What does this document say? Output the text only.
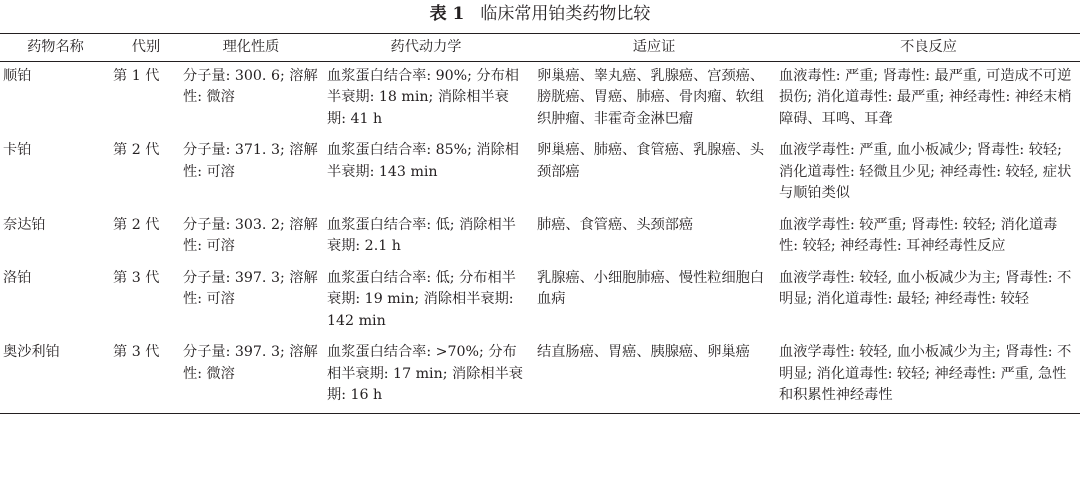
表 1 临床常用铂类药物比较
药物名称	代别	理化性质	药代动力学	适应证	不良反应
顺铂	第 1 代	分子量: 300. 6; 溶解性: 微溶	血浆蛋白结合率: 90%; 分布相半衰期: 18 min; 消除相半衰期: 41 h	卵巢癌、睾丸癌、乳腺癌、宫颈癌、膀胱癌、胃癌、肺癌、骨肉瘤、软组织肿瘤、非霍奇金淋巴瘤	血液毒性: 严重; 肾毒性: 最严重, 可造成不可逆损伤; 消化道毒性: 最严重; 神经毒性: 神经末梢障碍、耳鸣、耳聋
卡铂	第 2 代	分子量: 371. 3; 溶解性: 可溶	血浆蛋白结合率: 85%; 消除相半衰期: 143 min	卵巢癌、肺癌、食管癌、乳腺癌、头颈部癌	血液学毒性: 严重, 血小板减少; 肾毒性: 较轻; 消化道毒性: 轻微且少见; 神经毒性: 较轻, 症状与顺铂类似
奈达铂	第 2 代	分子量: 303. 2; 溶解性: 可溶	血浆蛋白结合率: 低; 消除相半衰期: 2.1 h	肺癌、食管癌、头颈部癌	血液学毒性: 较严重; 肾毒性: 较轻; 消化道毒性: 较轻; 神经毒性: 耳神经毒性反应
洛铂	第 3 代	分子量: 397. 3; 溶解性: 可溶	血浆蛋白结合率: 低; 分布相半衰期: 19 min; 消除相半衰期: 142 min	乳腺癌、小细胞肺癌、慢性粒细胞白血病	血液学毒性: 较轻, 血小板减少为主; 肾毒性: 不明显; 消化道毒性: 最轻; 神经毒性: 较轻
奥沙利铂	第 3 代	分子量: 397. 3; 溶解性: 微溶	血浆蛋白结合率: >70%; 分布相半衰期: 17 min; 消除相半衰期: 16 h	结直肠癌、胃癌、胰腺癌、卵巢癌	血液学毒性: 较轻, 血小板减少为主; 肾毒性: 不明显; 消化道毒性: 较轻; 神经毒性: 严重, 急性和积累性神经毒性
